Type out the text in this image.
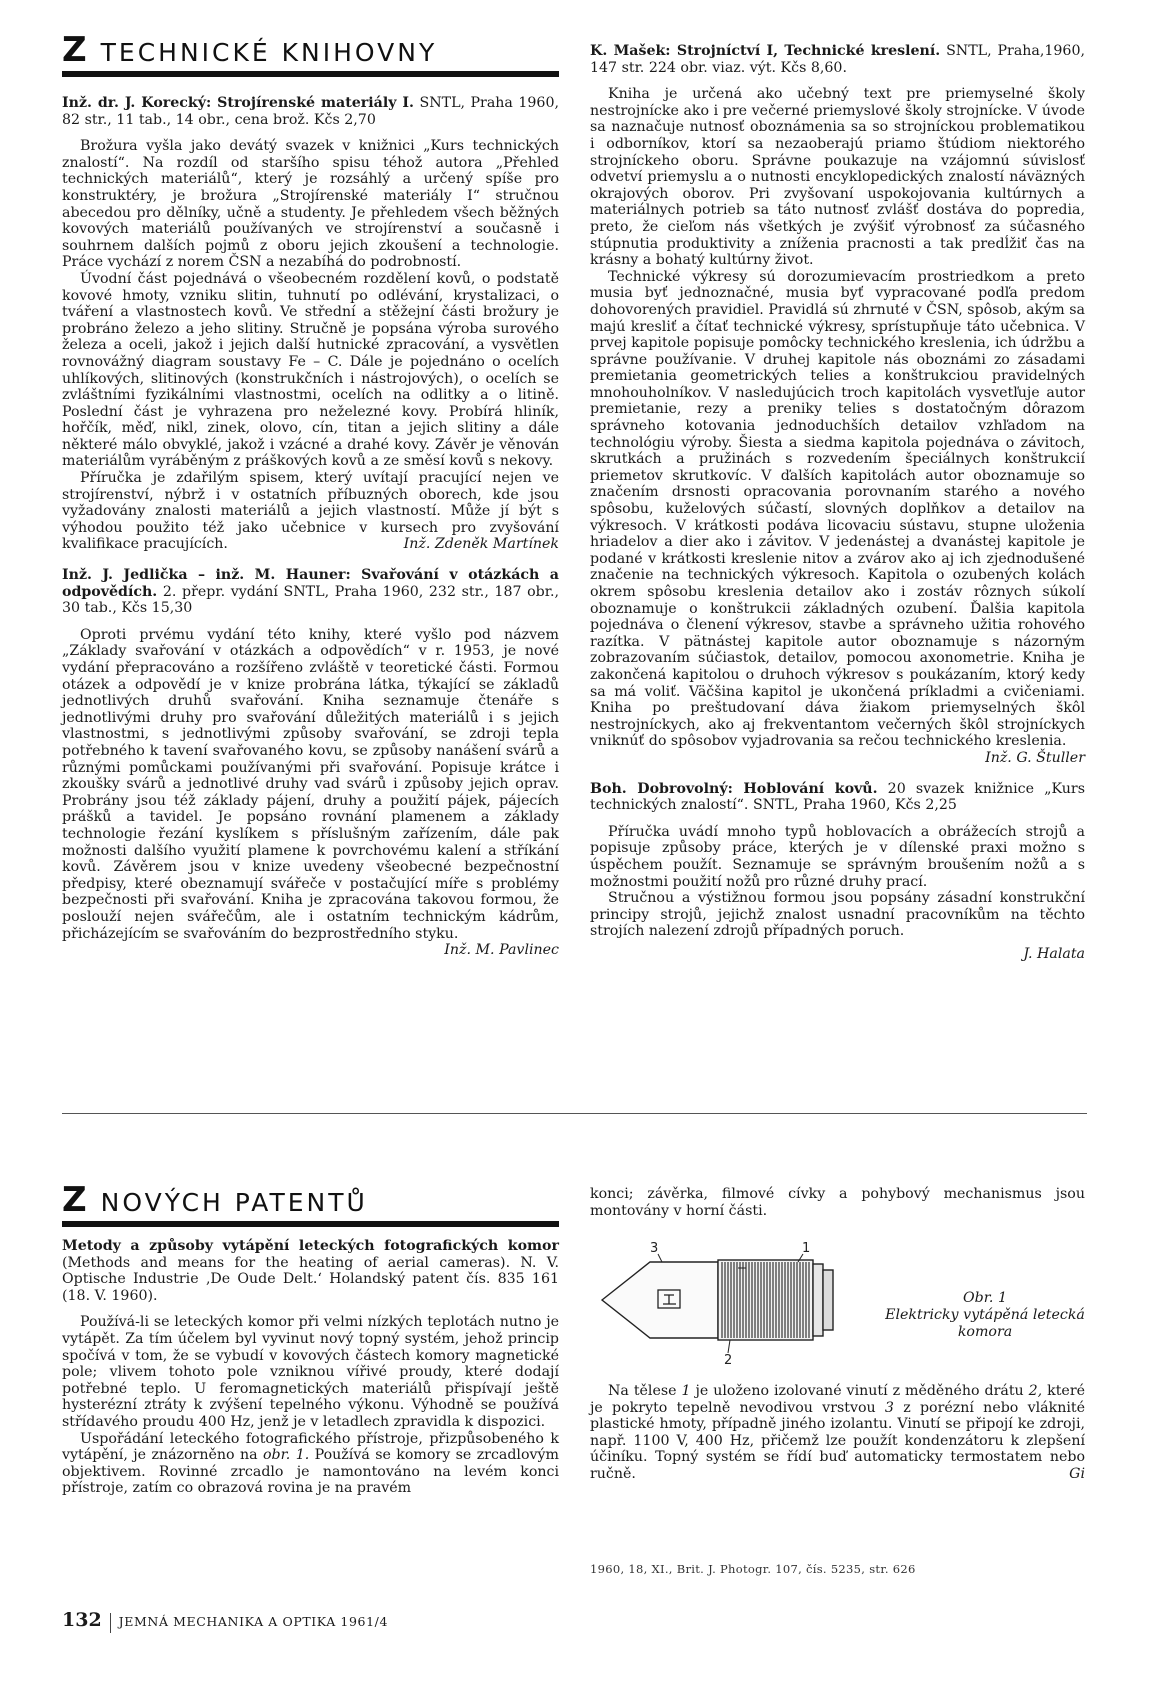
Z TECHNICKÉ KNIHOVNY

Inž. dr. J. Korecký: Strojírenské materiály I. SNTL, Praha 1960, 82 str., 11 tab., 14 obr., cena brož. Kčs 2,70

Brožura vyšla jako devátý svazek v knižnici „Kurs technických znalostí“. Na rozdíl od staršího spisu téhož autora „Přehled technických materiálů“, který je rozsáhlý a určený spíše pro konstruktéry, je brožura „Strojírenské materiály I“ stručnou abecedou pro dělníky, učně a studenty. Je přehledem všech běžných kovových materiálů používaných ve strojírenství a současně i souhrnem dalších pojmů z oboru jejich zkoušení a technologie. Práce vychází z norem ČSN a nezabíhá do podrobností.

Úvodní část pojednává o všeobecném rozdělení kovů, o podstatě kovové hmoty, vzniku slitin, tuhnutí po odlévání, krystalizaci, o tváření a vlastnostech kovů. Ve střední a stěžejní části brožury je probráno železo a jeho slitiny. Stručně je popsána výroba surového železa a oceli, jakož i jejich další hutnické zpracování, a vysvětlen rovnovážný diagram soustavy Fe – C. Dále je pojednáno o ocelích uhlíkových, slitinových (konstrukčních i nástrojových), o ocelích se zvláštními fyzikálními vlastnostmi, ocelích na odlitky a o litině. Poslední část je vyhrazena pro neželezné kovy. Probírá hliník, hořčík, měď, nikl, zinek, olovo, cín, titan a jejich slitiny a dále některé málo obvyklé, jakož i vzácné a drahé kovy. Závěr je věnován materiálům vyráběným z práškových kovů a ze směsí kovů s nekovy.

Příručka je zdařilým spisem, který uvítají pracující nejen ve strojírenství, nýbrž i v ostatních příbuzných oborech, kde jsou vyžadovány znalosti materiálů a jejich vlastností. Může jí být s výhodou použito též jako učebnice v kursech pro zvyšování kvalifikace pracujících.	Inž. Zdeněk Martínek

Inž. J. Jedlička – inž. M. Hauner: Svařování v otázkách a odpovědích. 2. přepr. vydání SNTL, Praha 1960, 232 str., 187 obr., 30 tab., Kčs 15,30

Oproti prvému vydání této knihy, které vyšlo pod názvem „Základy svařování v otázkách a odpovědích“ v r. 1953, je nové vydání přepracováno a rozšířeno zvláště v teoretické části. Formou otázek a odpovědí je v knize probrána látka, týkající se základů jednotlivých druhů svařování. Kniha seznamuje čtenáře s jednotlivými druhy pro svařování důležitých materiálů i s jejich vlastnostmi, s jednotlivými způsoby svařování, se zdroji tepla potřebného k tavení svařovaného kovu, se způsoby nanášení svárů a různými pomůckami používanými při svařování. Popisuje krátce i zkoušky svárů a jednotlivé druhy vad svárů i způsoby jejich oprav. Probrány jsou též základy pájení, druhy a použití pájek, pájecích prášků a tavidel. Je popsáno rovnání plamenem a základy technologie řezání kyslíkem s příslušným zařízením, dále pak možnosti dalšího využití plamene k povrchovému kalení a stříkání kovů. Závěrem jsou v knize uvedeny všeobecné bezpečnostní předpisy, které obeznamují svářeče v postačující míře s problémy bezpečnosti při svařování. Kniha je zpracována takovou formou, že poslouží nejen svářečům, ale i ostatním technickým kádrům, přicházejícím se svařováním do bezprostředního styku.
Inž. M. Pavlinec

K. Mašek: Strojníctví I, Technické kreslení. SNTL, Praha,1960, 147 str. 224 obr. viaz. výt. Kčs 8,60.

Kniha je určená ako učebný text pre priemyselné školy nestrojnícke ako i pre večerné priemyslové školy strojnícke. V úvode sa naznačuje nutnosť oboznámenia sa so strojníckou problematikou i odborníkov, ktorí sa nezaoberajú priamo štúdiom niektorého strojníckeho oboru. Správne poukazuje na vzájomnú súvislosť odvetví priemyslu a o nutnosti encyklopedických znalostí náväzných okrajových oborov. Pri zvyšovaní uspokojovania kultúrnych a materiálnych potrieb sa táto nutnosť zvlášť dostáva do popredia, preto, že cieľom nás všetkých je zvýšiť výrobnosť za súčasného stúpnutia produktivity a zníženia pracnosti a tak predĺžiť čas na krásny a bohatý kultúrny život.

Technické výkresy sú dorozumievacím prostriedkom a preto musia byť jednoznačné, musia byť vypracované podľa predom dohovorených pravidiel. Pravidlá sú zhrnuté v ČSN, spôsob, akým sa majú kresliť a čítať technické výkresy, sprístupňuje táto učebnica. V prvej kapitole popisuje pomôcky technického kreslenia, ich údržbu a správne používanie. V druhej kapitole nás oboznámi zo zásadami premietania geometrických telies a konštrukciou pravidelných mnohouholníkov. V nasledujúcich troch kapitolách vysvetľuje autor premietanie, rezy a preniky telies s dostatočným dôrazom správneho kotovania jednoduchších detailov vzhľadom na technológiu výroby. Šiesta a siedma kapitola pojednáva o závitoch, skrutkách a pružinách s rozvedením špeciálnych konštrukcií priemetov skrutkovíc. V ďalších kapitolách autor oboznamuje so značením drsnosti opracovania porovnaním starého a nového spôsobu, kuželových súčastí, slovných doplňkov a detailov na výkresoch. V krátkosti podáva licovaciu sústavu, stupne uloženia hriadelov a dier ako i závitov. V jedenástej a dvanástej kapitole je podané v krátkosti kreslenie nitov a zvárov ako aj ich zjednodušené značenie na technických výkresoch. Kapitola o ozubených kolách okrem spôsobu kreslenia detailov ako i zostáv rôznych súkolí oboznamuje o konštrukcii základných ozubení. Ďalšia kapitola pojednáva o členení výkresov, stavbe a správneho užitia rohového razítka. V pätnástej kapitole autor oboznamuje s názorným zobrazovaním súčiastok, detailov, pomocou axonometrie. Kniha je zakončená kapitolou o druhoch výkresov s poukázaním, ktorý kedy sa má voliť. Väčšina kapitol je ukončená príkladmi a cvičeniami. Kniha po preštudovaní dáva žiakom priemyselných škôl nestrojníckych, ako aj frekventantom večerných škôl strojníckych vniknúť do spôsobov vyjadrovania sa rečou technického kreslenia.

Inž. G. Štuller

Boh. Dobrovolný: Hoblování kovů. 20 svazek knižnice „Kurs technických znalostí“. SNTL, Praha 1960, Kčs 2,25

Příručka uvádí mnoho typů hoblovacích a obrážecích strojů a popisuje způsoby práce, kterých je v dílenské praxi možno s úspěchem použít. Seznamuje se správným broušením nožů a s možnostmi použití nožů pro různé druhy prací.

Stručnou a výstižnou formou jsou popsány zásadní konstrukční principy strojů, jejichž znalost usnadní pracovníkům na těchto strojích nalezení zdrojů případných poruch.

J. Halata

Z NOVÝCH PATENTŮ

Metody a způsoby vytápění leteckých fotografických komor (Methods and means for the heating of aerial cameras). N. V. Optische Industrie ‚De Oude Delt.‘ Holandský patent čís. 835 161 (18. V. 1960).

Používá-li se leteckých komor při velmi nízkých teplotách nutno je vytápět. Za tím účelem byl vyvinut nový topný systém, jehož princip spočívá v tom, že se vybudí v kovových částech komory magnetické pole; vlivem tohoto pole vzniknou vířivé proudy, které dodají potřebné teplo. U feromagnetických materiálů přispívají ještě hysterézní ztráty k zvýšení tepelného výkonu. Výhodně se používá střídavého proudu 400 Hz, jenž je v letadlech zpravidla k dispozici.

Uspořádání leteckého fotografického přístroje, přizpůsobeného k vytápění, je znázorněno na obr. 1. Používá se komory se zrcadlovým objektivem. Rovinné zrcadlo je namontováno na levém konci přístroje, zatím co obrazová rovina je na pravém

konci; závěrka, filmové cívky a pohybový mechanismus jsou montovány v horní části.

3	1
2
Obr. 1
Elektricky vytápěná letecká komora

Na tělese 1 je uloženo izolované vinutí z měděného drátu 2, které je pokryto tepelně nevodivou vrstvou 3 z porézní nebo vláknité plastické hmoty, případně jiného izolantu. Vinutí se připojí ke zdroji, např. 1100 V, 400 Hz, přičemž lze použít kondenzátoru k zlepšení účiníku. Topný systém se řídí buď automaticky termostatem nebo ručně.	Gi

1960, 18, XI., Brit. J. Photogr. 107, čís. 5235, str. 626
132 JEMNÁ MECHANIKA A OPTIKA 1961/4
